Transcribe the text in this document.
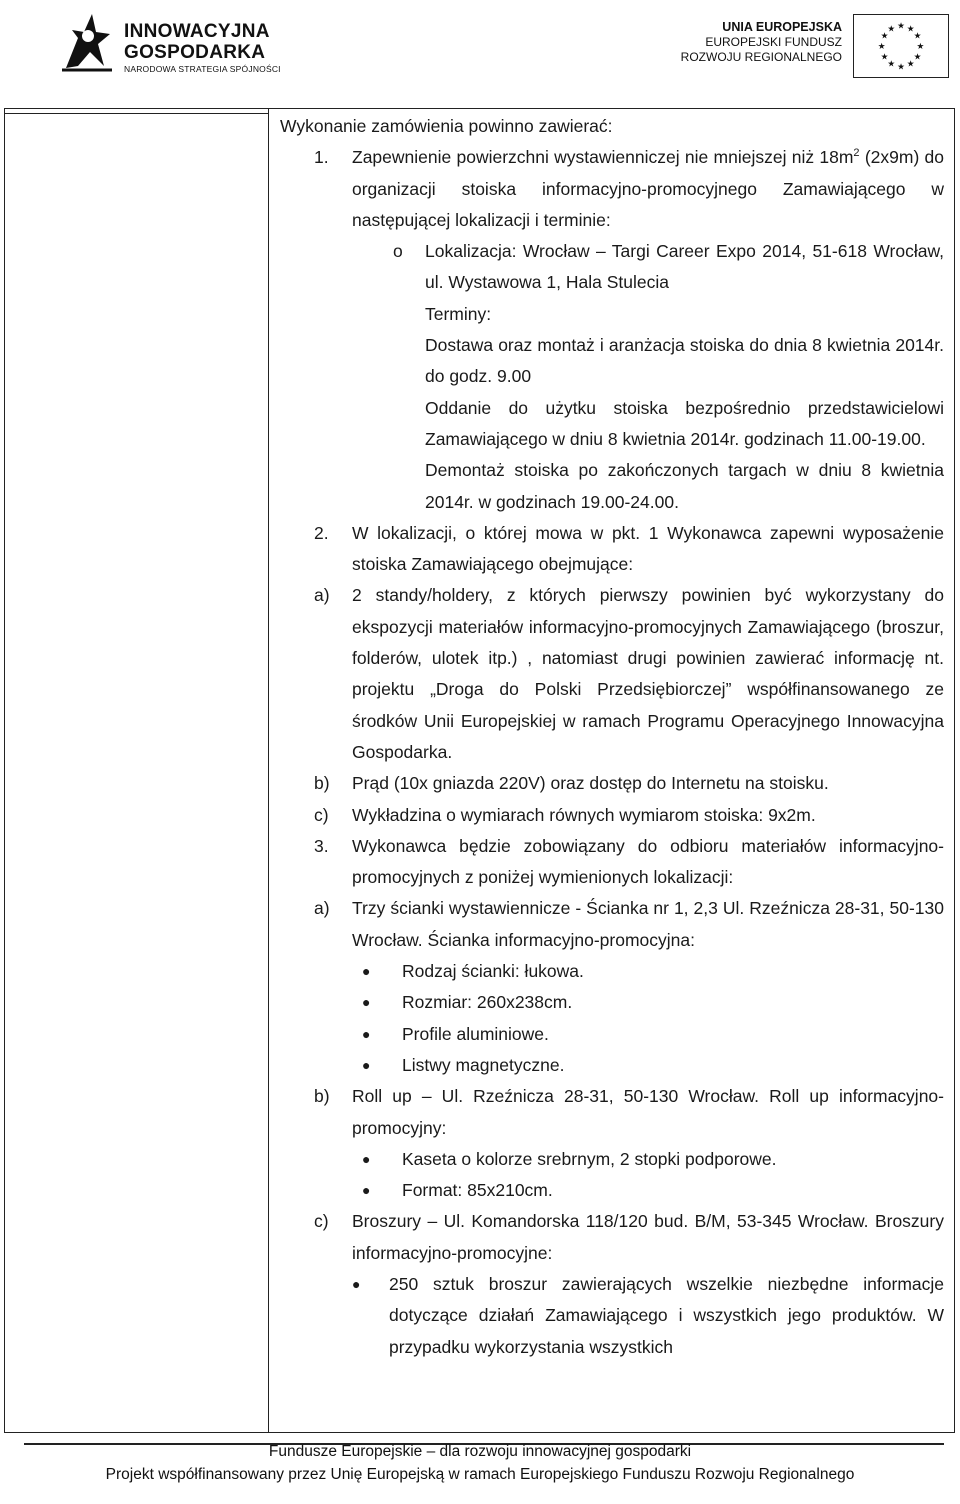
INNOWACYJNA
GOSPODARKA
NARODOWA STRATEGIA SPÓJNOŚCI
UNIA EUROPEJSKA
EUROPEJSKI FUNDUSZ
ROZWOJU REGIONALNEGO
★ ★
★
★
★
★
★
★
★
★
★
★

Wykonanie zamówienia powinno zawierać:

1. Zapewnienie powierzchni wystawienniczej nie mniejszej niż $18m^2$ (2x9m) do organizacji stoiska informacyjno-promocyjnego Zamawiającego w następującej lokalizacji i terminie:
o Lokalizacja: Wrocław – Targi Career Expo 2014, 51-618 Wrocław, ul. Wystawowa 1, Hala Stulecia
Terminy:
Dostawa oraz montaż i aranżacja stoiska do dnia 8 kwietnia 2014r. do godz. 9.00
Oddanie do użytku stoiska bezpośrednio przedstawicielowi Zamawiającego w dniu 8 kwietnia 2014r. godzinach 11.00-19.00.
Demontaż stoiska po zakończonych targach w dniu 8 kwietnia 2014r. w godzinach 19.00-24.00.
2. W lokalizacji, o której mowa w pkt. 1 Wykonawca zapewni wyposażenie stoiska Zamawiającego obejmujące:
a) 2 standy/holdery, z których pierwszy powinien być wykorzystany do ekspozycji materiałów informacyjno-promocyjnych Zamawiającego (broszur, folderów, ulotek itp.) , natomiast drugi powinien zawierać informację nt. projektu „Droga do Polski Przedsiębiorczej” współfinansowanego ze środków Unii Europejskiej w ramach Programu Operacyjnego Innowacyjna Gospodarka.
b) Prąd (10x gniazda 220V) oraz dostęp do Internetu na stoisku.
c) Wykładzina o wymiarach równych wymiarom stoiska: 9x2m.
3. Wykonawca będzie zobowiązany do odbioru materiałów informacyjno-promocyjnych z poniżej wymienionych lokalizacji:
a) Trzy ścianki wystawiennicze - Ścianka nr 1, 2,3 Ul. Rzeźnicza 28-31, 50-130 Wrocław. Ścianka informacyjno-promocyjna:
● Rodzaj ścianki: łukowa.
● Rozmiar: 260x238cm.
● Profile aluminiowe.
● Listwy magnetyczne.
b) Roll up – Ul. Rzeźnicza 28-31, 50-130 Wrocław. Roll up informacyjno-promocyjny:
● Kaseta o kolorze srebrnym, 2 stopki podporowe.
● Format: 85x210cm.
c) Broszury – Ul. Komandorska 118/120 bud. B/M, 53-345 Wrocław. Broszury informacyjno-promocyjne:
● 250 sztuk broszur zawierających wszelkie niezbędne informacje dotyczące działań Zamawiającego i wszystkich jego produktów. W przypadku wykorzystania wszystkich
Fundusze Europejskie – dla rozwoju innowacyjnej gospodarki
Projekt współfinansowany przez Unię Europejską w ramach Europejskiego Funduszu Rozwoju Regionalnego
